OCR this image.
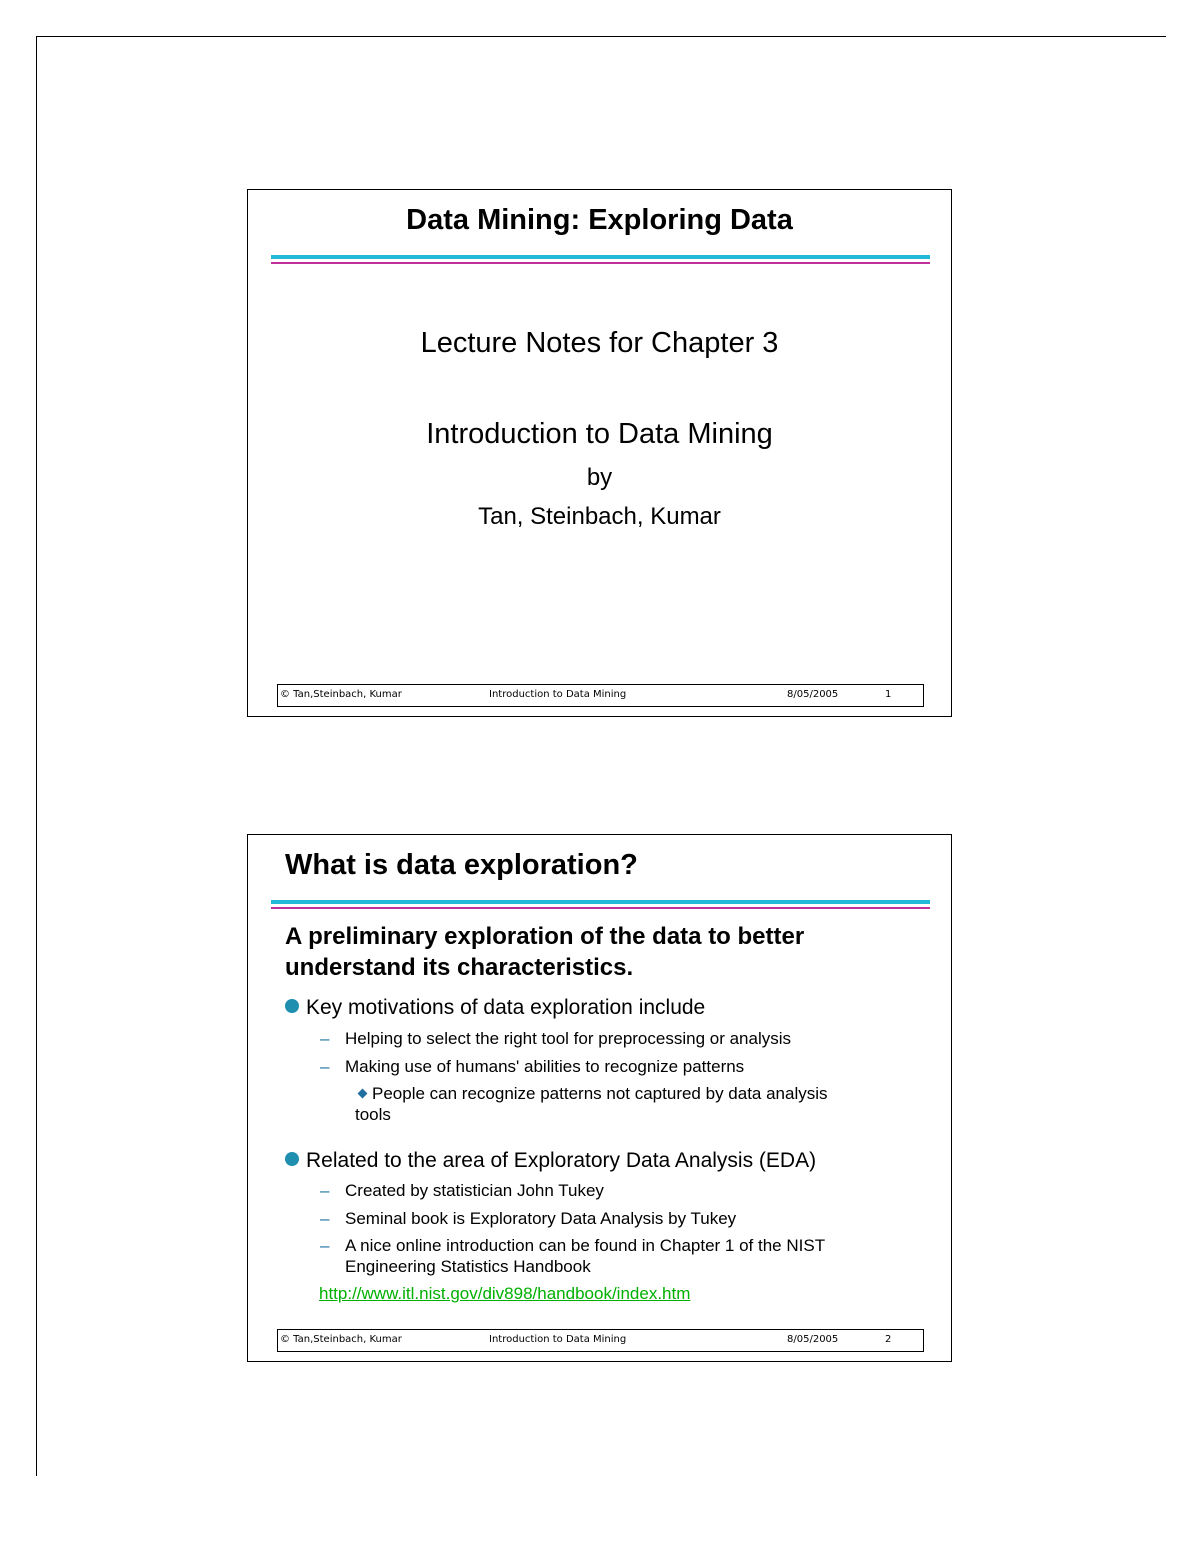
Data Mining: Exploring Data
Lecture Notes for Chapter 3
Introduction to Data Mining
by
Tan, Steinbach, Kumar
© Tan,Steinbach, Kumar	Introduction to Data Mining	8/05/2005	1
What is data exploration?
A preliminary exploration of the data to better understand its characteristics.
Key motivations of data exploration include
– Helping to select the right tool for preprocessing or analysis
– Making use of humans' abilities to recognize patterns
People can recognize patterns not captured by data analysis tools
Related to the area of Exploratory Data Analysis (EDA)
– Created by statistician John Tukey
– Seminal book is Exploratory Data Analysis by Tukey
– A nice online introduction can be found in Chapter 1 of the NIST Engineering Statistics Handbook
http://www.itl.nist.gov/div898/handbook/index.htm
© Tan,Steinbach, Kumar	Introduction to Data Mining	8/05/2005	2
